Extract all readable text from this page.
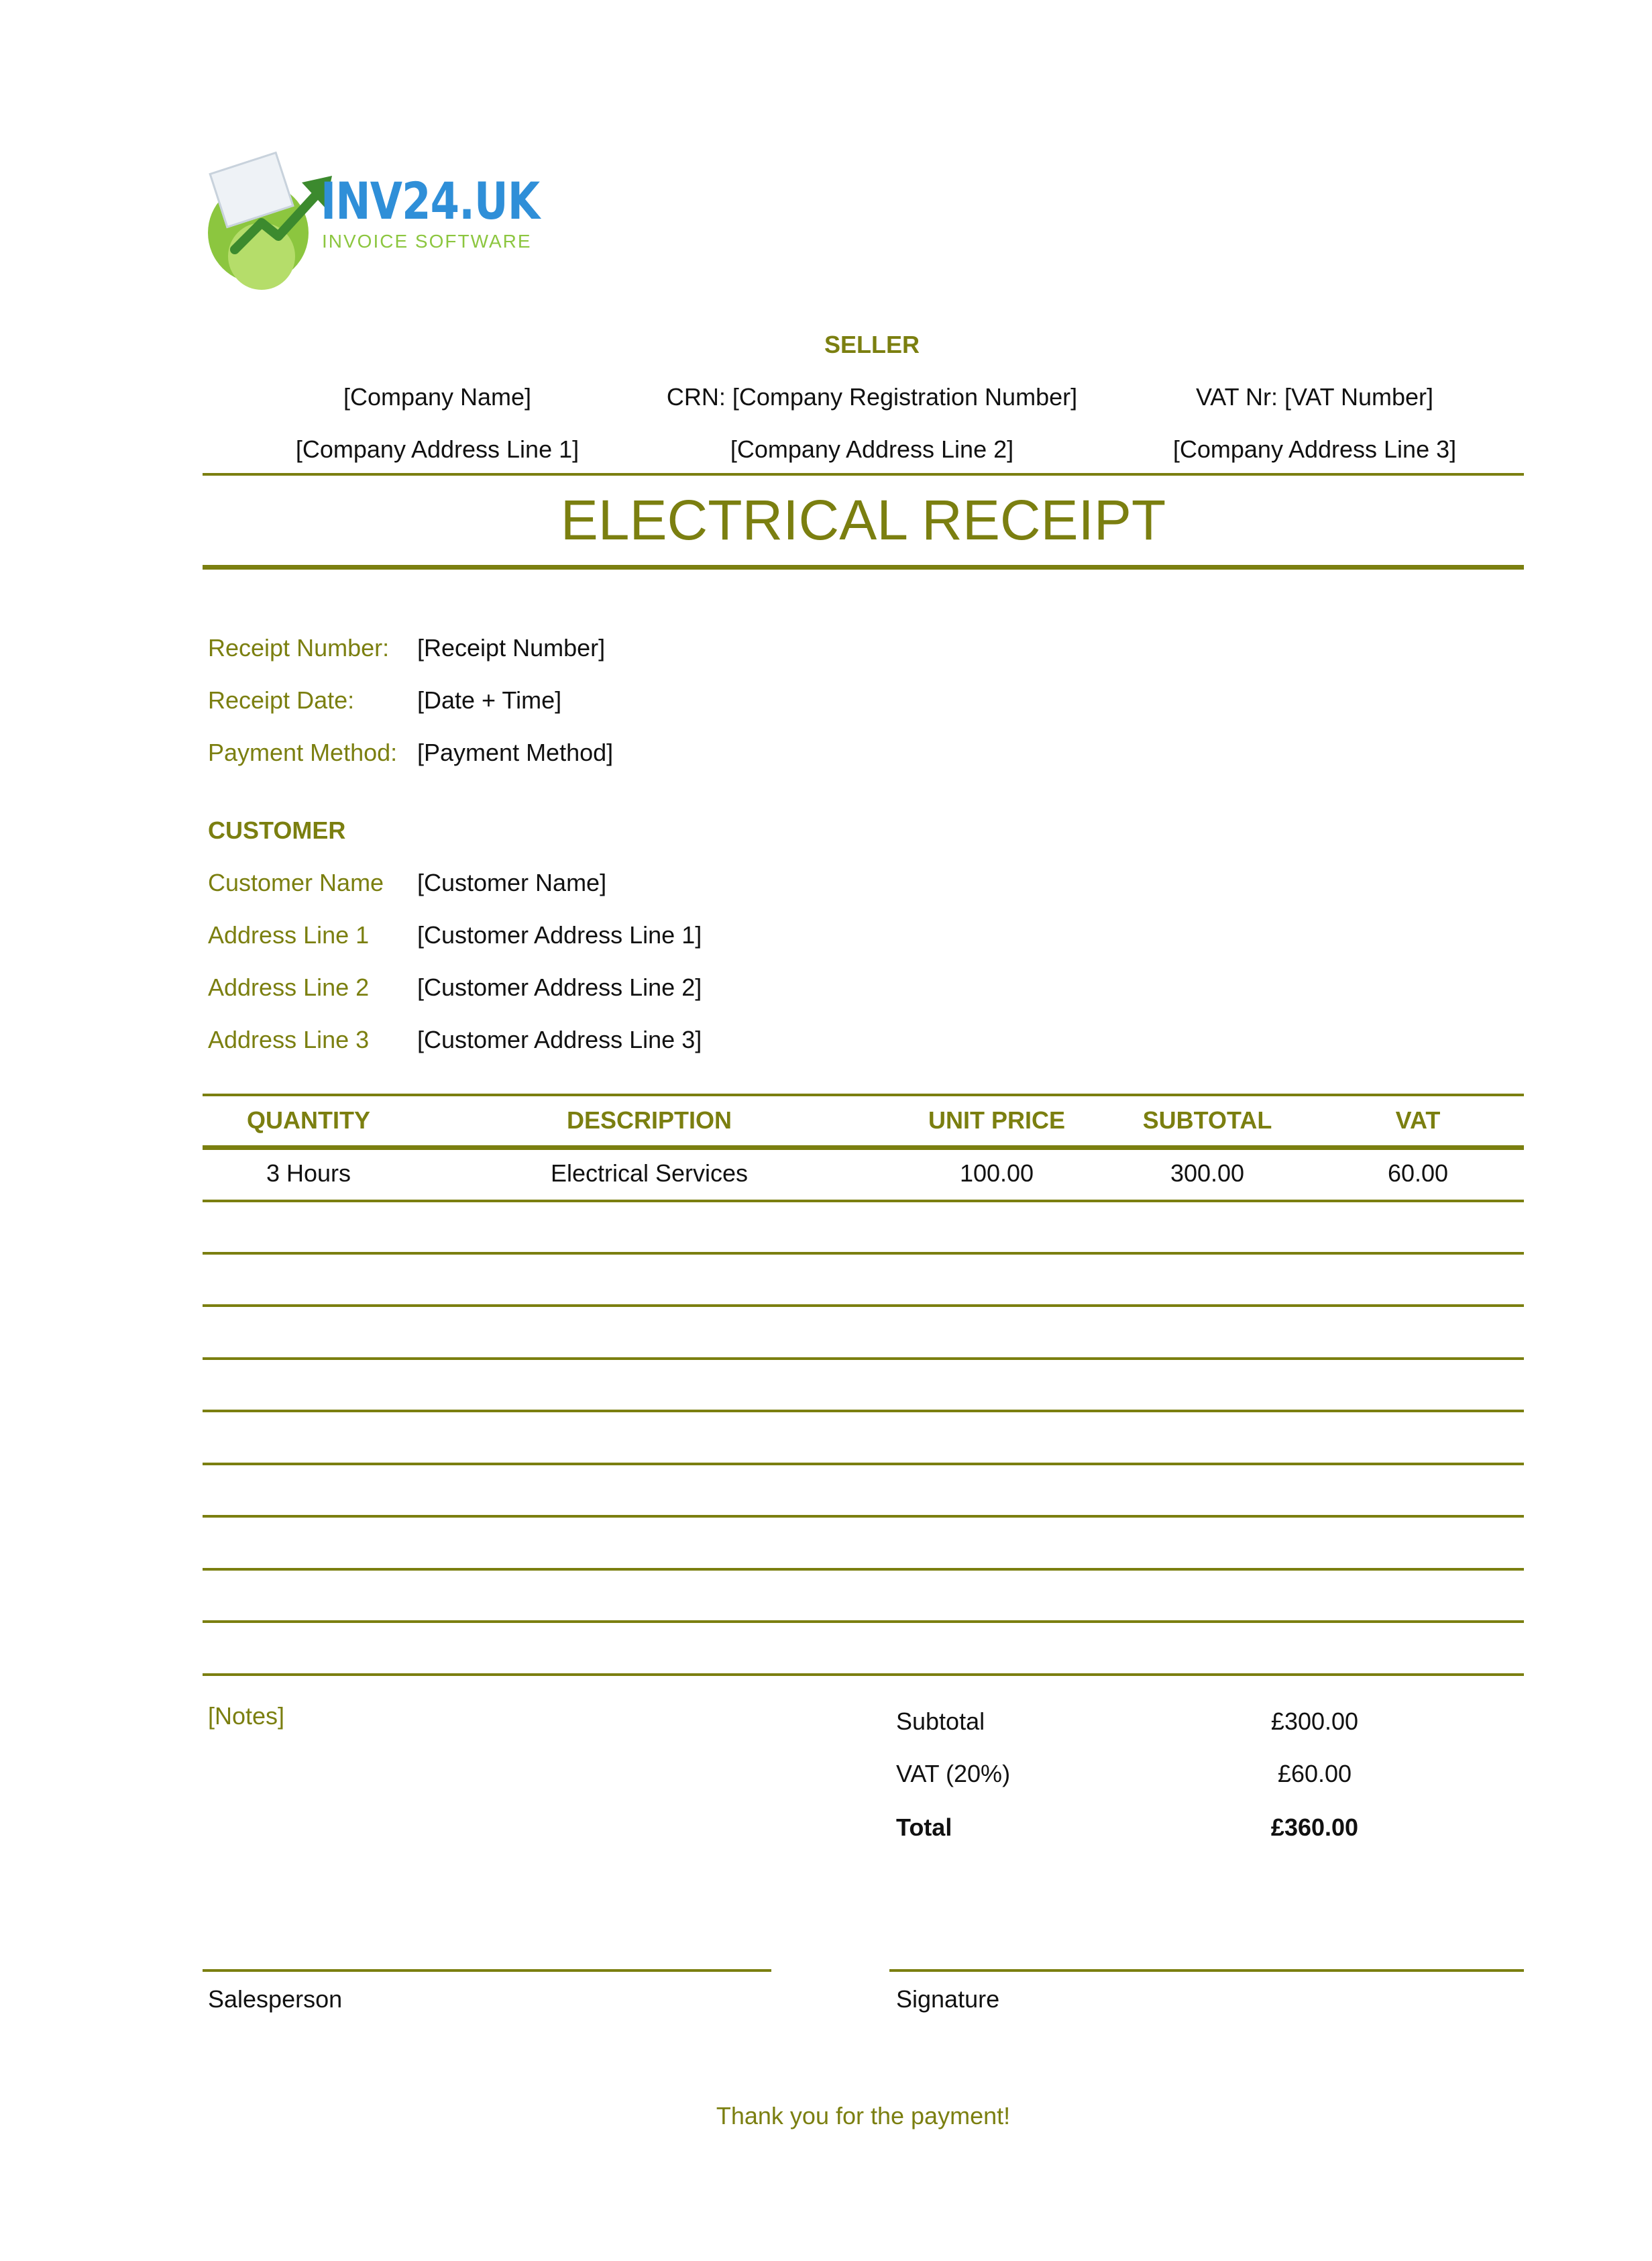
INV24.UK
INVOICE SOFTWARE
SELLER
[Company Name]	CRN: [Company Registration Number]	VAT Nr: [VAT Number]
[Company Address Line 1]	[Company Address Line 2]	[Company Address Line 3]
ELECTRICAL RECEIPT
Receipt Number: [Receipt Number]
Receipt Date:	[Date + Time]
Payment Method: [Payment Method]
CUSTOMER
Customer Name [Customer Name]
Address Line 1 [Customer Address Line 1]
Address Line 2 [Customer Address Line 2]
Address Line 3 [Customer Address Line 3]
QUANTITY	DESCRIPTION	UNIT PRICE	SUBTOTAL	VAT
3 Hours	Electrical Services	100.00	300.00	60.00
[Notes]	Subtotal	£300.00
VAT (20%)	£60.00
Total	£360.00
Salesperson	Signature
Thank you for the payment!
